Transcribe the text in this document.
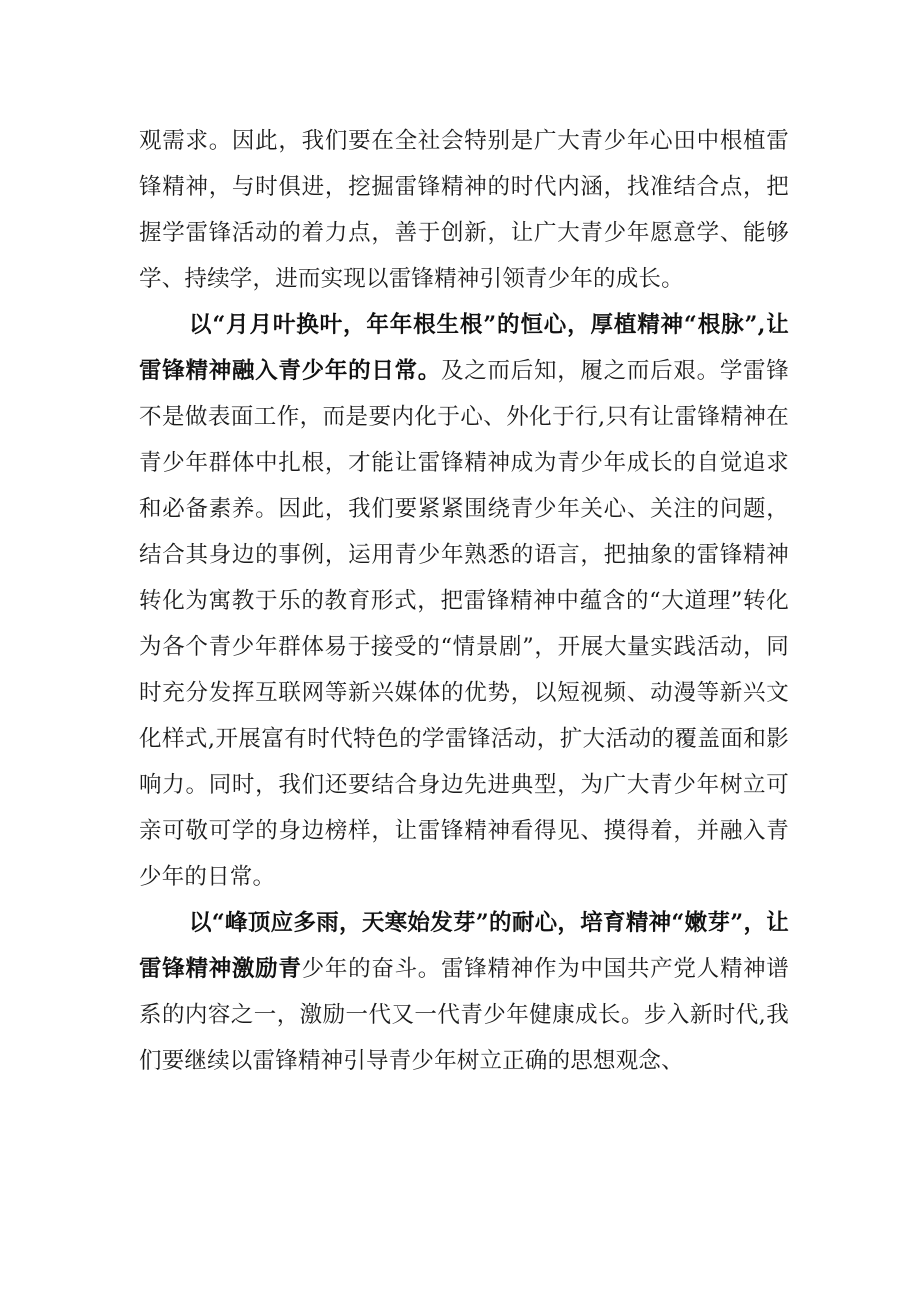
观需求。因此，我们要在全社会特别是广大青少年心田中根植雷锋精神，与时俱进，挖掘雷锋精神的时代内涵，找准结合点，把握学雷锋活动的着力点，善于创新，让广大青少年愿意学、能够学、持续学，进而实现以雷锋精神引领青少年的成长。

以“月月叶换叶，年年根生根”的恒心，厚植精神“根脉”,让雷锋精神融入青少年的日常。及之而后知，履之而后艰。学雷锋不是做表面工作，而是要内化于心、外化于行,只有让雷锋精神在青少年群体中扎根，才能让雷锋精神成为青少年成长的自觉追求和必备素养。因此，我们要紧紧围绕青少年关心、关注的问题，结合其身边的事例，运用青少年熟悉的语言，把抽象的雷锋精神转化为寓教于乐的教育形式，把雷锋精神中蕴含的“大道理”转化为各个青少年群体易于接受的“情景剧”，开展大量实践活动，同时充分发挥互联网等新兴媒体的优势，以短视频、动漫等新兴文化样式,开展富有时代特色的学雷锋活动，扩大活动的覆盖面和影响力。同时，我们还要结合身边先进典型，为广大青少年树立可亲可敬可学的身边榜样，让雷锋精神看得见、摸得着，并融入青少年的日常。

以“峰顶应多雨，天寒始发芽”的耐心，培育精神“嫩芽”，让雷锋精神激励青少年的奋斗。雷锋精神作为中国共产党人精神谱系的内容之一，激励一代又一代青少年健康成长。步入新时代,我们要继续以雷锋精神引导青少年树立正确的思想观念、
